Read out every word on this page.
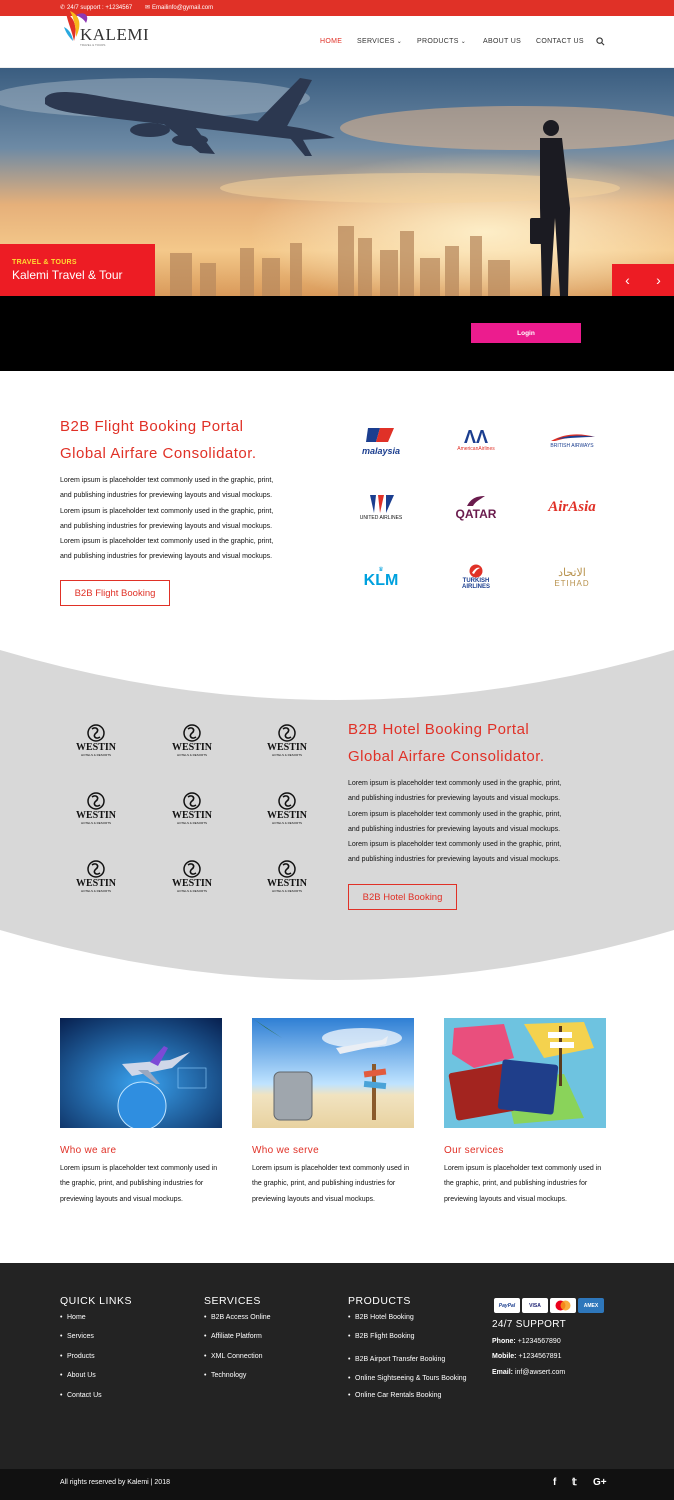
✆ 24/7 support : +1234567 ✉ Emailinfo@gymail.com
KALEMI
TRAVEL & TOURS	HOME SERVICES ⌄ PRODUCTS ⌄ ABOUT US CONTACT US
TRAVEL & TOURS
Kalemi Travel & Tour	‹ ›
Type your Corporate Id Type your username
Login
B2B Flight Booking Portal
Global Airfare Consolidator.
Lorem ipsum is placeholder text commonly used in the graphic, print,
and publishing industries for previewing layouts and visual mockups.
Lorem ipsum is placeholder text commonly used in the graphic, print,
and publishing industries for previewing layouts and visual mockups.
Lorem ipsum is placeholder text commonly used in the graphic, print,
and publishing industries for previewing layouts and visual mockups.
B2B Flight Booking
malaysia
ΛΛ
AmericanAirlines	BRITISH AIRWAYS
UNITED AIRLINES	QATAR	AirAsia
♛
KLM	TURKISH AIRLINES
الاتحاد
ETIHAD
WESTIN
HOTELS & RESORTS
WESTIN
HOTELS & RESORTS
WESTIN
HOTELS & RESORTS
WESTIN
HOTELS & RESORTS
WESTIN
HOTELS & RESORTS
WESTIN
HOTELS & RESORTS
WESTIN
HOTELS & RESORTS
WESTIN
HOTELS & RESORTS
WESTIN
HOTELS & RESORTS
B2B Hotel Booking Portal
Global Airfare Consolidator.
Lorem ipsum is placeholder text commonly used in the graphic, print,
and publishing industries for previewing layouts and visual mockups.
Lorem ipsum is placeholder text commonly used in the graphic, print,
and publishing industries for previewing layouts and visual mockups.
Lorem ipsum is placeholder text commonly used in the graphic, print,
and publishing industries for previewing layouts and visual mockups.
B2B Hotel Booking
Who we are	Who we serve	Our services
Lorem ipsum is placeholder text commonly used in the graphic, print, and publishing industries for previewing layouts and visual mockups.
Lorem ipsum is placeholder text commonly used in the graphic, print, and publishing industries for previewing layouts and visual mockups.
Lorem ipsum is placeholder text commonly used in the graphic, print, and publishing industries for previewing layouts and visual mockups.
QUICK LINKS
• Home
• Services
• Products
• About Us
• Contact Us
SERVICES
• B2B Access Online
• Affiliate Platform
• XML Connection
• Technology
PRODUCTS
• B2B Hotel Booking
• B2B Flight Booking
• B2B Airport Transfer Booking
• Online Sightseeing & Tours Booking
• Online Car Rentals Booking
PayPal	VISA	AMEX
24/7 SUPPORT
Phone: +1234567890
Mobile: +1234567891
Email: inf@awsert.com
All rights reserved by Kalemi | 2018	f 𝕥 G+
